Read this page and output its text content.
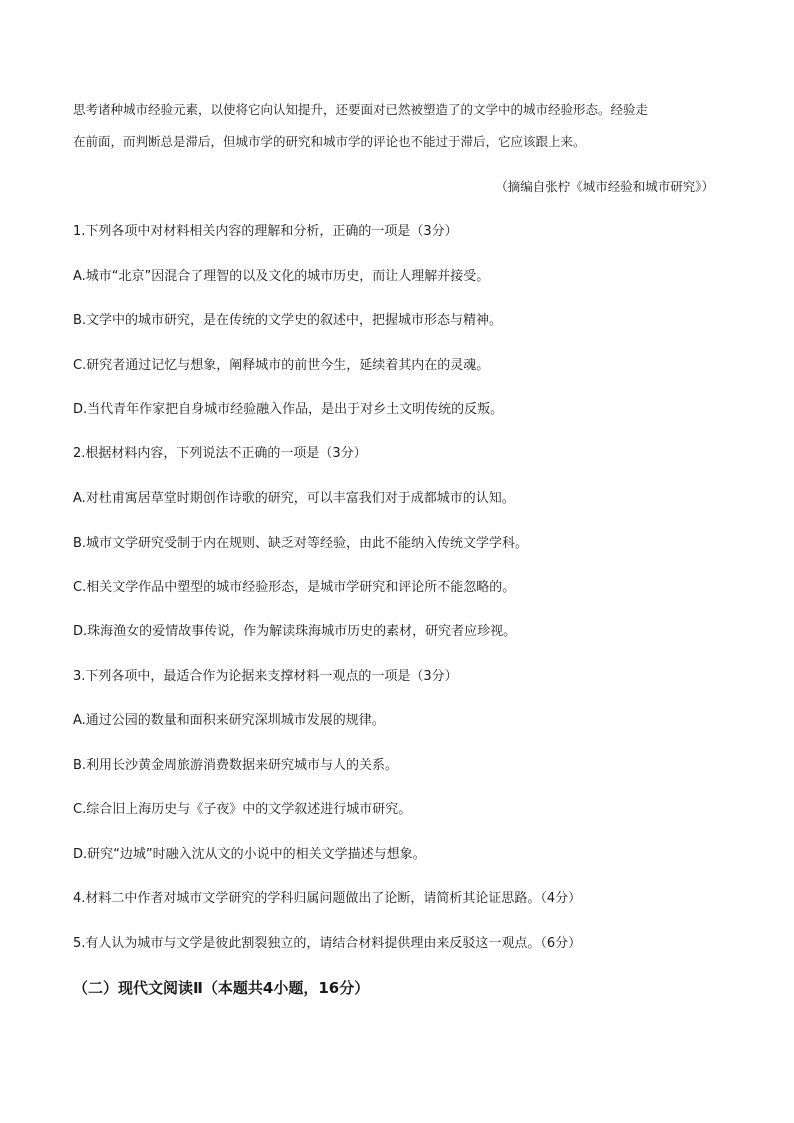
思考诸种城市经验元素，以使将它向认知提升，还要面对已然被塑造了的文学中的城市经验形态。经验走
在前面，而判断总是滞后，但城市学的研究和城市学的评论也不能过于滞后，它应该跟上来。
（摘编自张柠《城市经验和城市研究》）
1.下列各项中对材料相关内容的理解和分析，正确的一项是（3分）
A.城市“北京”因混合了理智的以及文化的城市历史，而让人理解并接受。
B.文学中的城市研究，是在传统的文学史的叙述中，把握城市形态与精神。
C.研究者通过记忆与想象，阐释城市的前世今生，延续着其内在的灵魂。
D.当代青年作家把自身城市经验融入作品，是出于对乡土文明传统的反叛。
2.根据材料内容，下列说法不正确的一项是（3分）
A.对杜甫寓居草堂时期创作诗歌的研究，可以丰富我们对于成都城市的认知。
B.城市文学研究受制于内在规则、缺乏对等经验，由此不能纳入传统文学学科。
C.相关文学作品中塑型的城市经验形态，是城市学研究和评论所不能忽略的。
D.珠海渔女的爱情故事传说，作为解读珠海城市历史的素材，研究者应珍视。
3.下列各项中，最适合作为论据来支撑材料一观点的一项是（3分）
A.通过公园的数量和面积来研究深圳城市发展的规律。
B.利用长沙黄金周旅游消费数据来研究城市与人的关系。
C.综合旧上海历史与《子夜》中的文学叙述进行城市研究。
D.研究“边城”时融入沈从文的小说中的相关文学描述与想象。
4.材料二中作者对城市文学研究的学科归属问题做出了论断，请简析其论证思路。（4分）
5.有人认为城市与文学是彼此割裂独立的，请结合材料提供理由来反驳这一观点。（6分）
（二）现代文阅读Ⅱ（本题共4小题，16分）
